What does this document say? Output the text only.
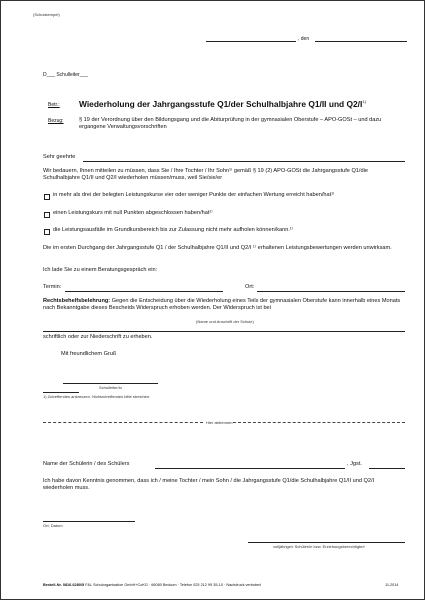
(Schulstempel)
, den
D___ Schulleiter___
Betr.: Wiederholung der Jahrgangsstufe Q1/der Schulhalbjahre Q1/II und $Q2/I^{1)}$
Bezug:	§ 19 der Verordnung über den Bildungsgang und die Abiturprüfung in der gymnasialen Oberstufe – APO-GOSt – und dazu ergangene Verwaltungsvorschriften
Sehr geehrte
Wir bedauern, Ihnen mitteilen zu müssen, dass Sie / Ihre Tochter / Ihr Sohn¹⁾ gemäß § 19 (2) APO-GOSt die Jahrgangsstufe Q1/die Schulhalbjahre Q1/II und Q2/I wiederholen müssen/muss, weil Sie/sie/er
in mehr als drei der belegten Leistungskurse vier oder weniger Punkte der einfachen Wertung erreicht haben/hat¹⁾
einen Leistungskurs mit null Punkten abgeschlossen haben/hat¹⁾
die Leistungsausfälle im Grundkursbereich bis zur Zulassung nicht mehr aufholen können/kann.¹⁾
Die im ersten Durchgang der Jahrgangsstufe Q1 / der Schulhalbjahre Q1/II und Q2/I ¹⁾ erhaltenen Leistungsbewertungen werden unwirksam.
Ich lade Sie zu einem Beratungsgespräch ein:
Termin:	Ort:
Rechtsbehelfsbelehrung: Gegen die Entscheidung über die Wiederholung eines Teils der gymnasialen Oberstufe kann innerhalb eines Monats nach Bekanntgabe dieses Bescheids Widerspruch erhoben werden. Der Widerspruch ist bei
(Name und Anschrift der Schule)
schriftlich oder zur Niederschrift zu erheben.
Mit freundlichem Gruß
Schulleiter/in
1) Zutreffendes ankreuzen. Nichtzutreffendes bitte streichen.
Hier abtrennen
Name der Schülerin / des Schülers	, Jgst.
Ich habe davon Kenntnis genommen, dass ich / meine Tochter / mein Sohn / die Jahrgangsstufe Q1/die Schulhalbjahre Q1/II und Q2/I wiederholen muss.
Ort, Datum
volljährige/r Schüler/in bzw. Erziehungsberechtigte/r
Bestell-Nr. 0816-6280/5 F&L Schulorganisation GmbH+CoKG · 66080 Beckum · Telefon 025 212 99 35-10 · Nachdruck verboten!	11.2014
